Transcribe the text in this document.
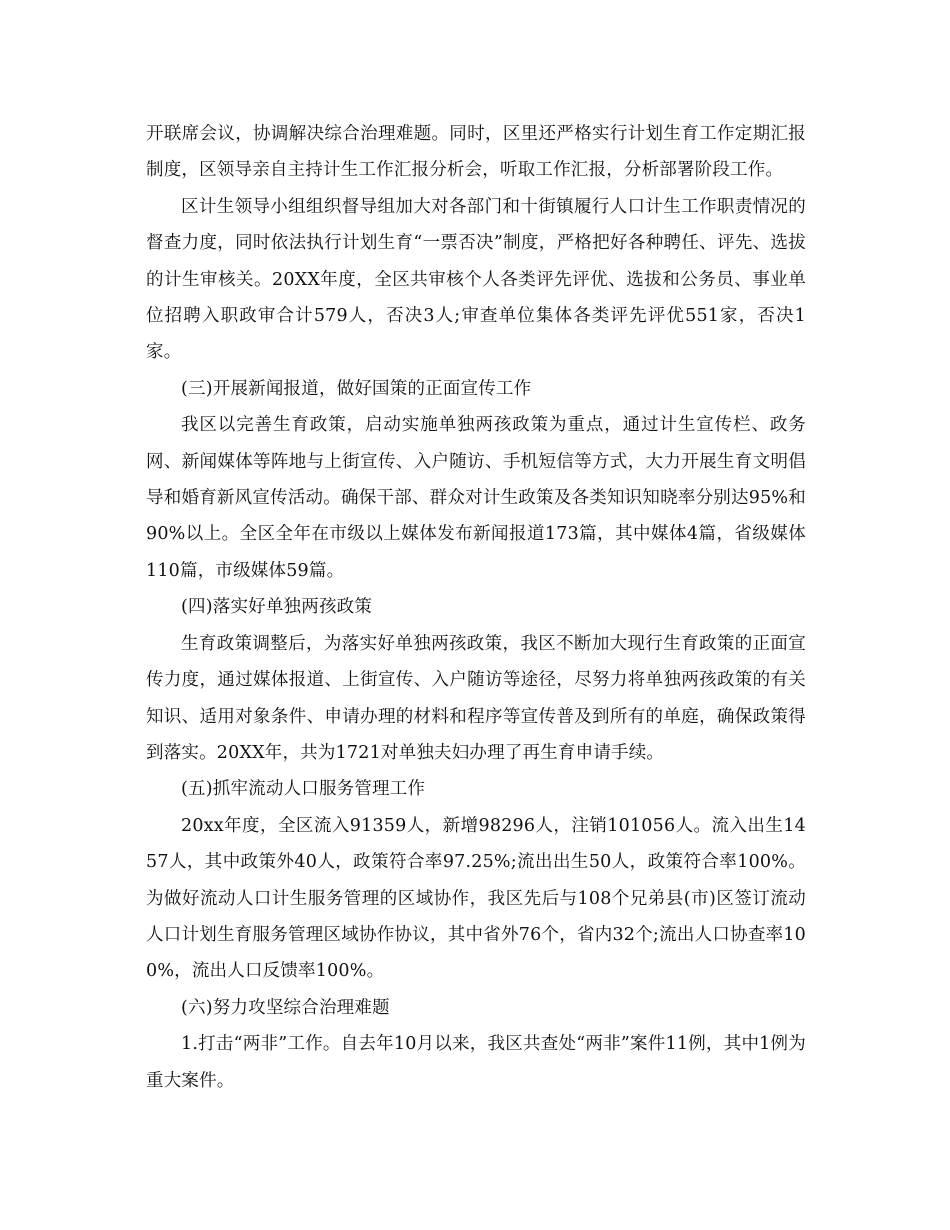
开联席会议，协调解决综合治理难题。同时，区里还严格实行计划生育工作定期汇报制度，区领导亲自主持计生工作汇报分析会，听取工作汇报，分析部署阶段工作。

区计生领导小组组织督导组加大对各部门和十街镇履行人口计生工作职责情况的督查力度，同时依法执行计划生育“一票否决”制度，严格把好各种聘任、评先、选拔的计生审核关。20XX年度，全区共审核个人各类评先评优、选拔和公务员、事业单位招聘入职政审合计579人，否决3人;审查单位集体各类评先评优551家，否决1家。

(三)开展新闻报道，做好国策的正面宣传工作

我区以完善生育政策，启动实施单独两孩政策为重点，通过计生宣传栏、政务网、新闻媒体等阵地与上街宣传、入户随访、手机短信等方式，大力开展生育文明倡导和婚育新风宣传活动。确保干部、群众对计生政策及各类知识知晓率分别达95%和90%以上。全区全年在市级以上媒体发布新闻报道173篇，其中媒体4篇，省级媒体110篇，市级媒体59篇。

(四)落实好单独两孩政策

生育政策调整后，为落实好单独两孩政策，我区不断加大现行生育政策的正面宣传力度，通过媒体报道、上街宣传、入户随访等途径，尽努力将单独两孩政策的有关知识、适用对象条件、申请办理的材料和程序等宣传普及到所有的单庭，确保政策得到落实。20XX年，共为1721对单独夫妇办理了再生育申请手续。

(五)抓牢流动人口服务管理工作

20xx年度，全区流入91359人，新增98296人，注销101056人。流入出生1457人，其中政策外40人，政策符合率97.25%;流出出生50人，政策符合率100%。为做好流动人口计生服务管理的区域协作，我区先后与108个兄弟县(市)区签订流动人口计划生育服务管理区域协作协议，其中省外76个，省内32个;流出人口协查率100%，流出人口反馈率100%。

(六)努力攻坚综合治理难题

1.打击“两非”工作。自去年10月以来，我区共查处“两非”案件11例，其中1例为重大案件。
